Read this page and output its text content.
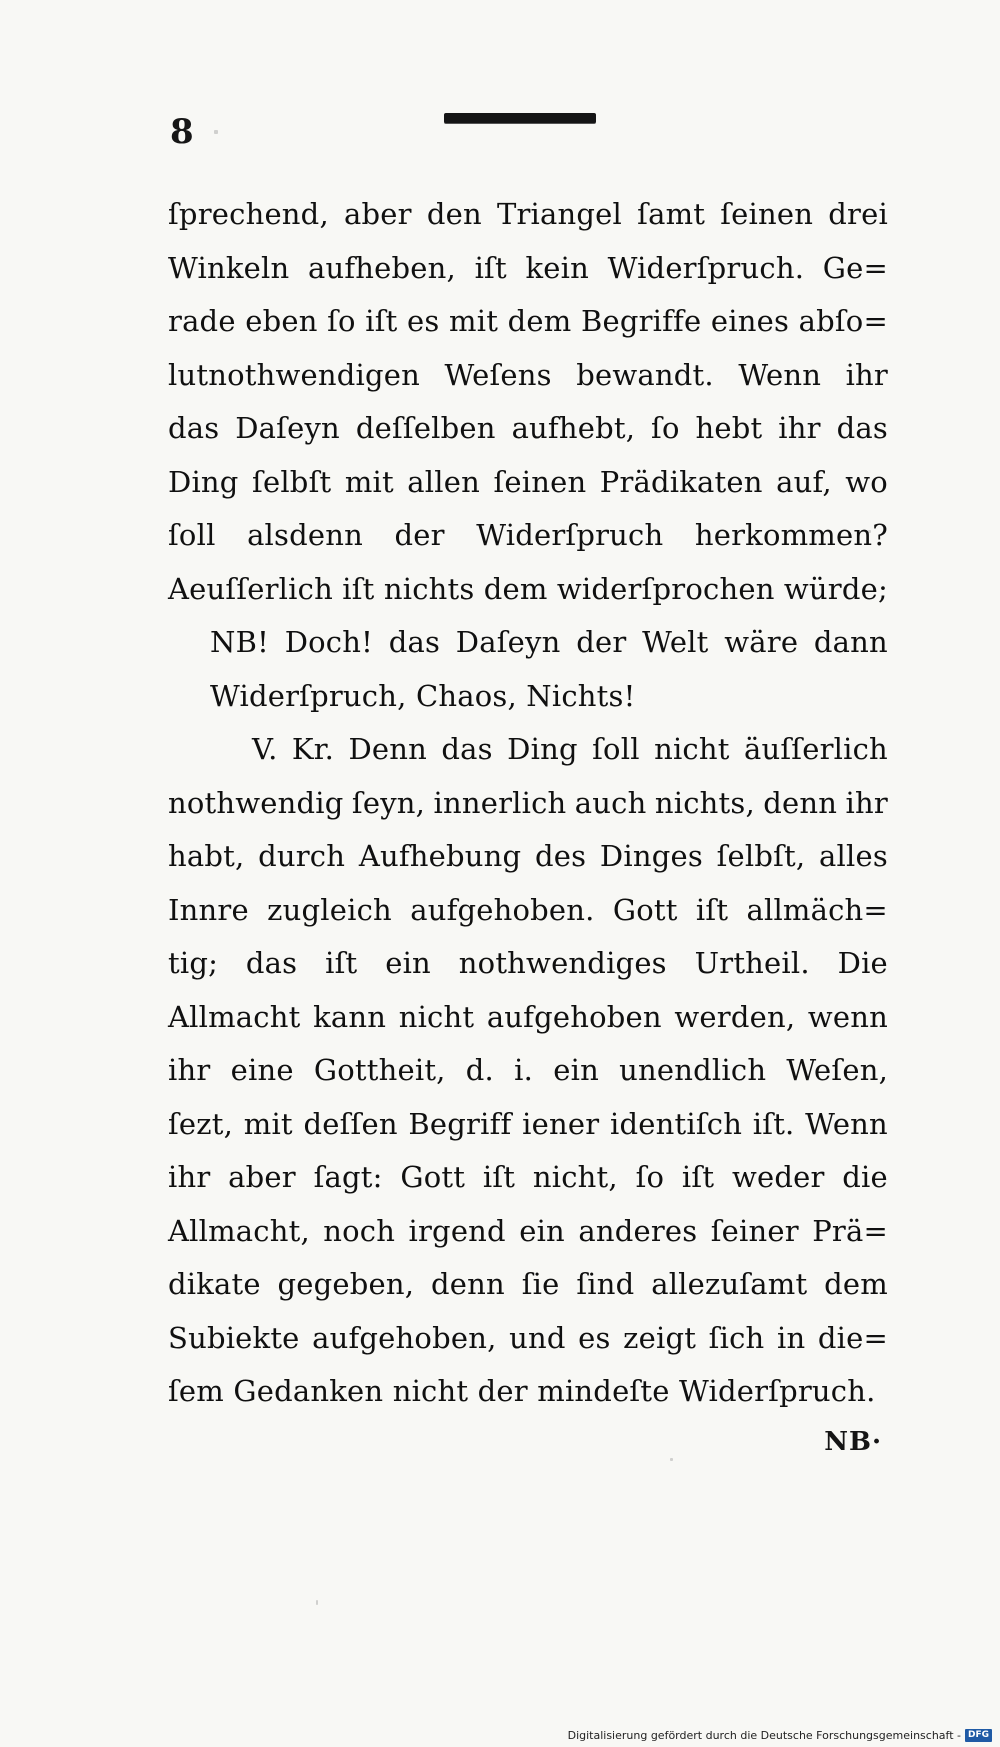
8
ſprechend, aber den Triangel ſamt ſeinen drei
Winkeln aufheben, iſt kein Widerſpruch. Ge=
rade eben ſo iſt es mit dem Begriffe eines abſo=
lutnothwendigen Weſens bewandt. Wenn ihr
das Daſeyn deſſelben aufhebt, ſo hebt ihr das
Ding ſelbſt mit allen ſeinen Prädikaten auf, wo
ſoll alsdenn der Widerſpruch herkommen?
Aeuſſerlich iſt nichts dem widerſprochen würde;
NB! Doch! das Daſeyn der Welt wäre dann
Widerſpruch, Chaos, Nichts!
V. Kr. Denn das Ding ſoll nicht äuſſerlich
nothwendig ſeyn, innerlich auch nichts, denn ihr
habt, durch Aufhebung des Dinges ſelbſt, alles
Innre zugleich aufgehoben. Gott iſt allmäch=
tig; das iſt ein nothwendiges Urtheil. Die
Allmacht kann nicht aufgehoben werden, wenn
ihr eine Gottheit, d. i. ein unendlich Weſen,
ſezt, mit deſſen Begriff iener identiſch iſt. Wenn
ihr aber ſagt: Gott iſt nicht, ſo iſt weder die
Allmacht, noch irgend ein anderes ſeiner Prä=
dikate gegeben, denn ſie ſind allezuſamt dem
Subiekte aufgehoben, und es zeigt ſich in die=
ſem Gedanken nicht der mindeſte Widerſpruch.
NB·
Digitalisierung gefördert durch die Deutsche Forschungsgemeinschaft - DFG
